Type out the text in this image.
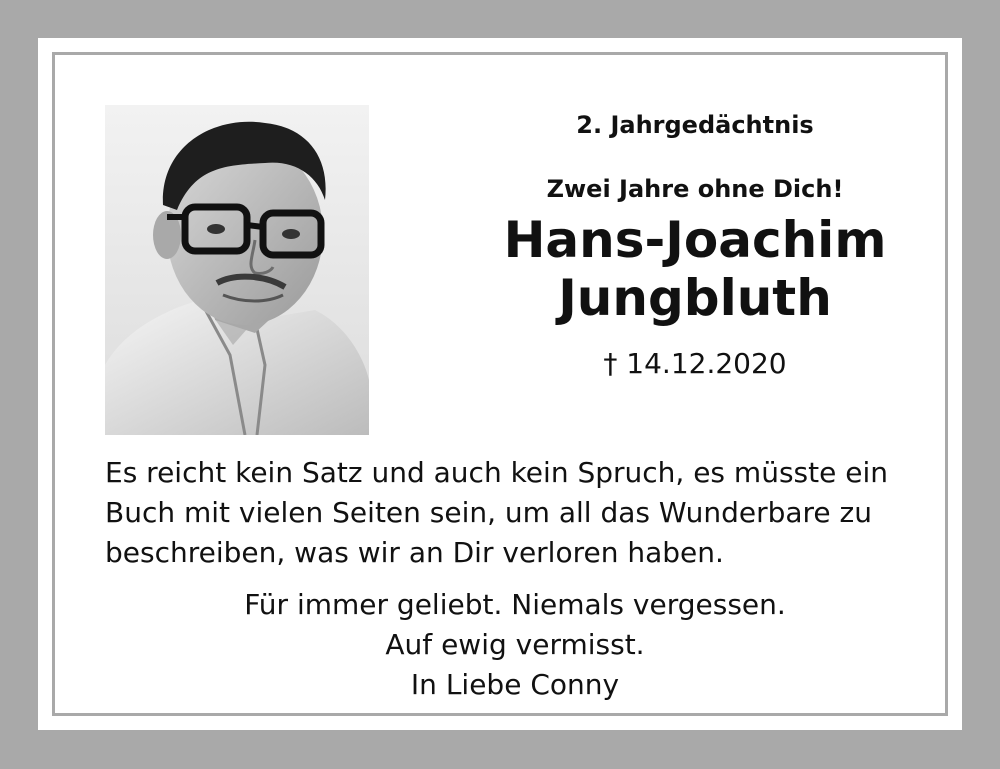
2. Jahrgedächtnis
Zwei Jahre ohne Dich!
Hans-Joachim
Jungbluth
† 14.12.2020
Es reicht kein Satz und auch kein Spruch, es müsste ein Buch mit vielen Seiten sein, um all das Wunderbare zu beschreiben, was wir an Dir verloren haben.
Für immer geliebt. Niemals vergessen.
Auf ewig vermisst.
In Liebe Conny
